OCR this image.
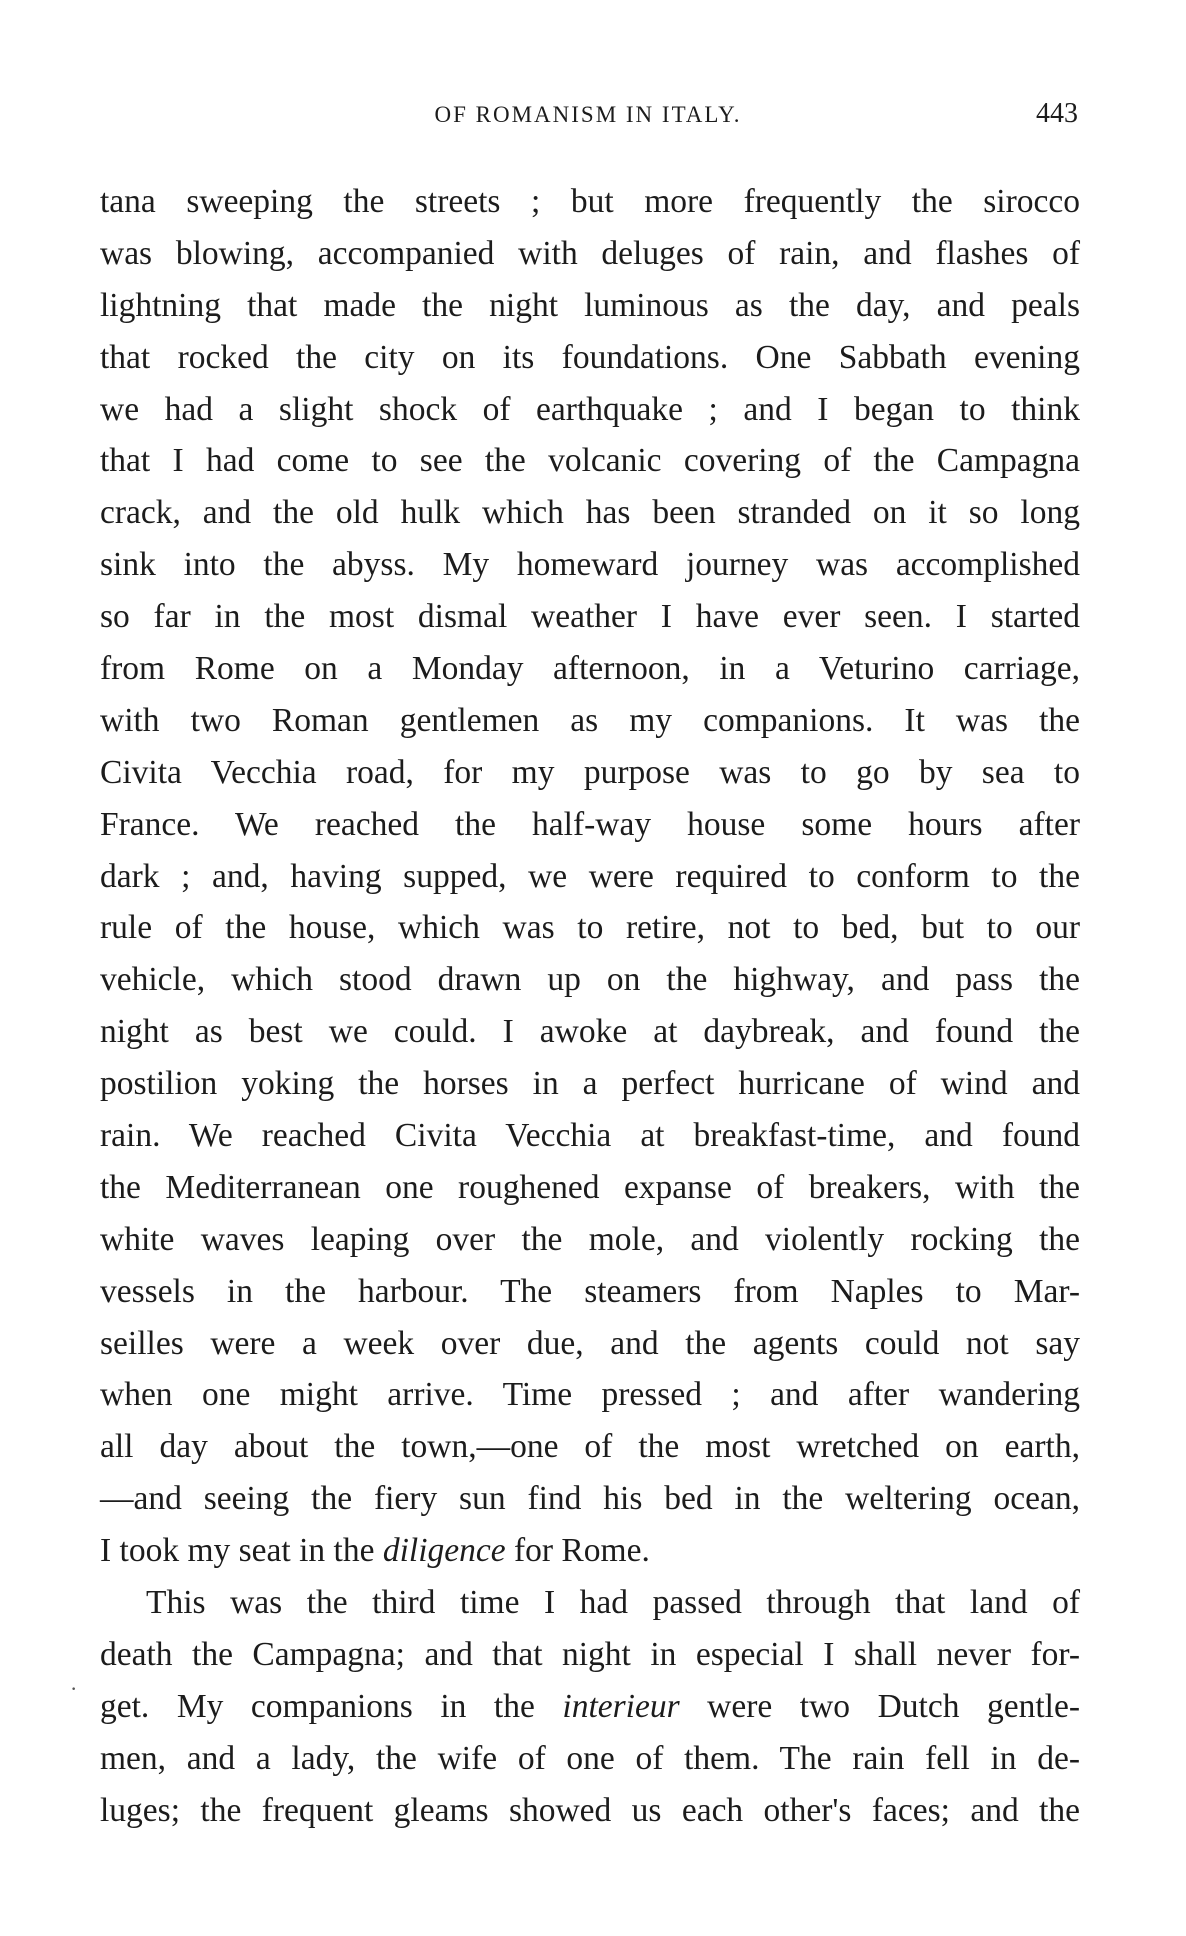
OF ROMANISM IN ITALY.	443
·
tana sweeping the streets ; but more frequently the sirocco
was blowing, accompanied with deluges of rain, and flashes of
lightning that made the night luminous as the day, and peals
that rocked the city on its foundations. One Sabbath evening
we had a slight shock of earthquake ; and I began to think
that I had come to see the volcanic covering of the Campagna
crack, and the old hulk which has been stranded on it so long
sink into the abyss. My homeward journey was accomplished
so far in the most dismal weather I have ever seen. I started
from Rome on a Monday afternoon, in a Veturino carriage,
with two Roman gentlemen as my companions. It was the
Civita Vecchia road, for my purpose was to go by sea to
France. We reached the half-way house some hours after
dark ; and, having supped, we were required to conform to the
rule of the house, which was to retire, not to bed, but to our
vehicle, which stood drawn up on the highway, and pass the
night as best we could. I awoke at daybreak, and found the
postilion yoking the horses in a perfect hurricane of wind and
rain. We reached Civita Vecchia at breakfast-time, and found
the Mediterranean one roughened expanse of breakers, with the
white waves leaping over the mole, and violently rocking the
vessels in the harbour. The steamers from Naples to Mar-
seilles were a week over due, and the agents could not say
when one might arrive. Time pressed ; and after wandering
all day about the town,—one of the most wretched on earth,
—and seeing the fiery sun find his bed in the weltering ocean,
I took my seat in the diligence for Rome.
This was the third time I had passed through that land of
death the Campagna; and that night in especial I shall never for-
get. My companions in the interieur were two Dutch gentle-
men, and a lady, the wife of one of them. The rain fell in de-
luges; the frequent gleams showed us each other's faces; and the
